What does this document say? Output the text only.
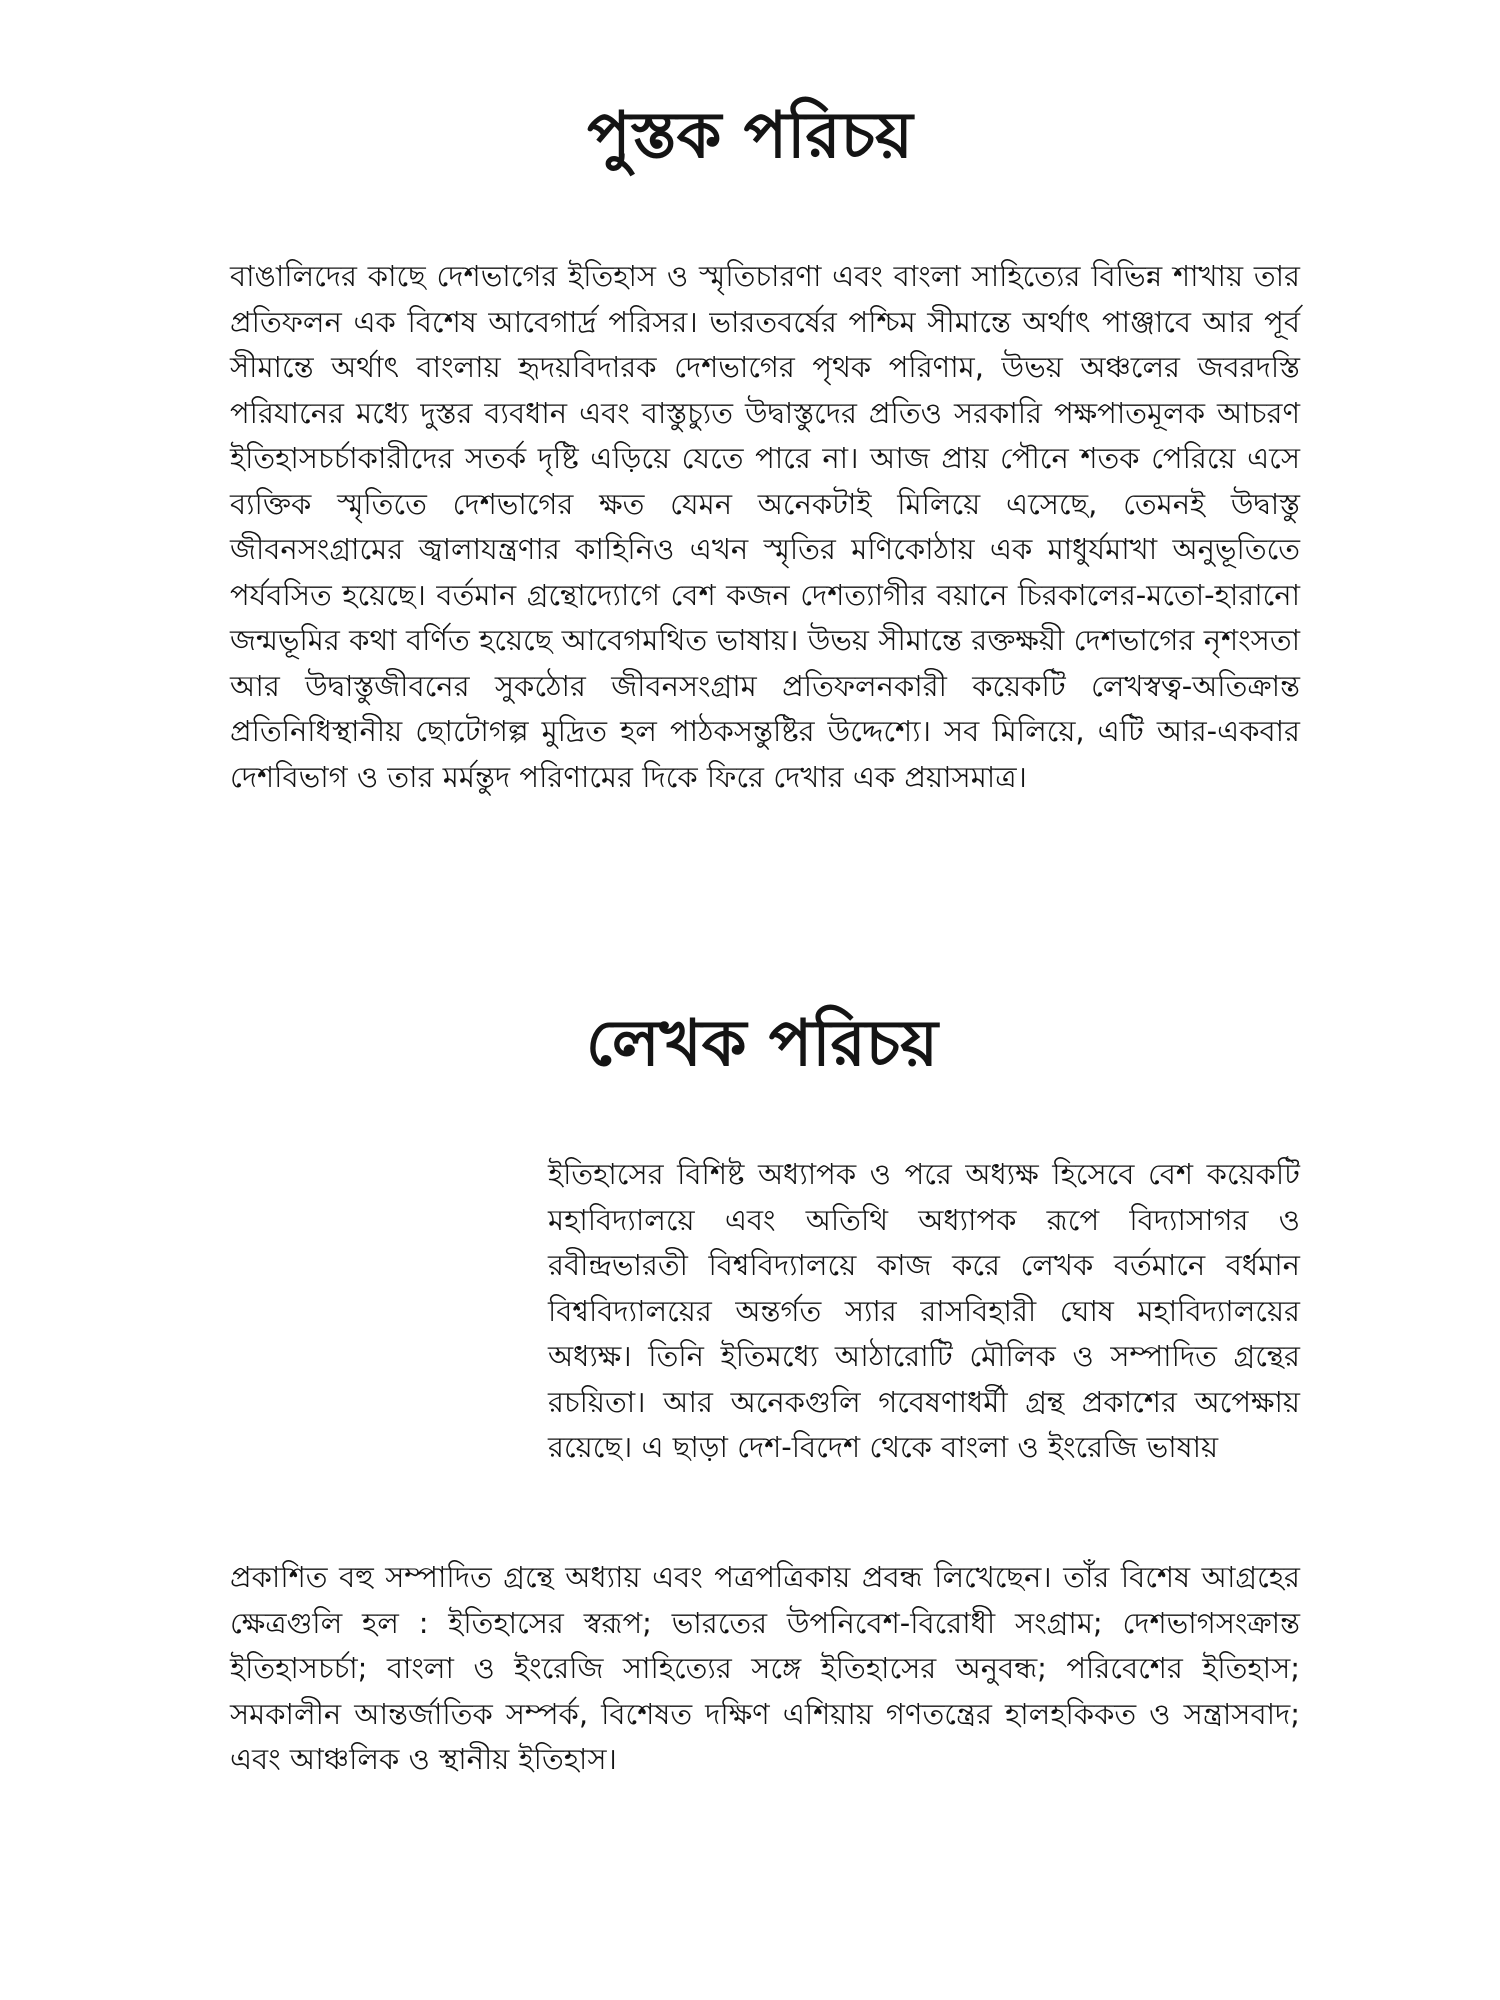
পুস্তক পরিচয়

বাঙালিদের কাছে দেশভাগের ইতিহাস ও স্মৃতিচারণা এবং বাংলা সাহিত্যের বিভিন্ন শাখায় তার প্রতিফলন এক বিশেষ আবেগার্দ্র পরিসর। ভারতবর্ষের পশ্চিম সীমান্তে অর্থাৎ পাঞ্জাবে আর পূর্ব সীমান্তে অর্থাৎ বাংলায় হৃদয়বিদারক দেশভাগের পৃথক পরিণাম, উভয় অঞ্চলের জবরদস্তি পরিযানের মধ্যে দুস্তর ব্যবধান এবং বাস্তুচ্যুত উদ্বাস্তুদের প্রতিও সরকারি পক্ষপাতমূলক আচরণ ইতিহাসচর্চাকারীদের সতর্ক দৃষ্টি এড়িয়ে যেতে পারে না। আজ প্রায় পৌনে শতক পেরিয়ে এসে ব্যক্তিক স্মৃতিতে দেশভাগের ক্ষত যেমন অনেকটাই মিলিয়ে এসেছে, তেমনই উদ্বাস্তু জীবনসংগ্রামের জ্বালাযন্ত্রণার কাহিনিও এখন স্মৃতির মণিকোঠায় এক মাধুর্যমাখা অনুভূতিতে পর্যবসিত হয়েছে। বর্তমান গ্রন্থোদ্যোগে বেশ কজন দেশত্যাগীর বয়ানে চিরকালের-মতো-হারানো জন্মভূমির কথা বর্ণিত হয়েছে আবেগমথিত ভাষায়। উভয় সীমান্তে রক্তক্ষয়ী দেশভাগের নৃশংসতা আর উদ্বাস্তুজীবনের সুকঠোর জীবনসংগ্রাম প্রতিফলনকারী কয়েকটি লেখস্বত্ব-অতিক্রান্ত প্রতিনিধিস্থানীয় ছোটোগল্প মুদ্রিত হল পাঠকসন্তুষ্টির উদ্দেশ্যে। সব মিলিয়ে, এটি আর-একবার দেশবিভাগ ও তার মর্মন্তুদ পরিণামের দিকে ফিরে দেখার এক প্রয়াসমাত্র।

লেখক পরিচয়

ইতিহাসের বিশিষ্ট অধ্যাপক ও পরে অধ্যক্ষ হিসেবে বেশ কয়েকটি মহাবিদ্যালয়ে এবং অতিথি অধ্যাপক রূপে বিদ্যাসাগর ও রবীন্দ্রভারতী বিশ্ববিদ্যালয়ে কাজ করে লেখক বর্তমানে বর্ধমান বিশ্ববিদ্যালয়ের অন্তর্গত স্যার রাসবিহারী ঘোষ মহাবিদ্যালয়ের অধ্যক্ষ। তিনি ইতিমধ্যে আঠারোটি মৌলিক ও সম্পাদিত গ্রন্থের রচয়িতা। আর অনেকগুলি গবেষণাধর্মী গ্রন্থ প্রকাশের অপেক্ষায় রয়েছে। এ ছাড়া দেশ-বিদেশ থেকে বাংলা ও ইংরেজি ভাষায়

প্রকাশিত বহু সম্পাদিত গ্রন্থে অধ্যায় এবং পত্রপত্রিকায় প্রবন্ধ লিখেছেন। তাঁর বিশেষ আগ্রহের ক্ষেত্রগুলি হল : ইতিহাসের স্বরূপ; ভারতের উপনিবেশ-বিরোধী সংগ্রাম; দেশভাগসংক্রান্ত ইতিহাসচর্চা; বাংলা ও ইংরেজি সাহিত্যের সঙ্গে ইতিহাসের অনুবন্ধ; পরিবেশের ইতিহাস; সমকালীন আন্তর্জাতিক সম্পর্ক, বিশেষত দক্ষিণ এশিয়ায় গণতন্ত্রের হালহকিকত ও সন্ত্রাসবাদ; এবং আঞ্চলিক ও স্থানীয় ইতিহাস।
